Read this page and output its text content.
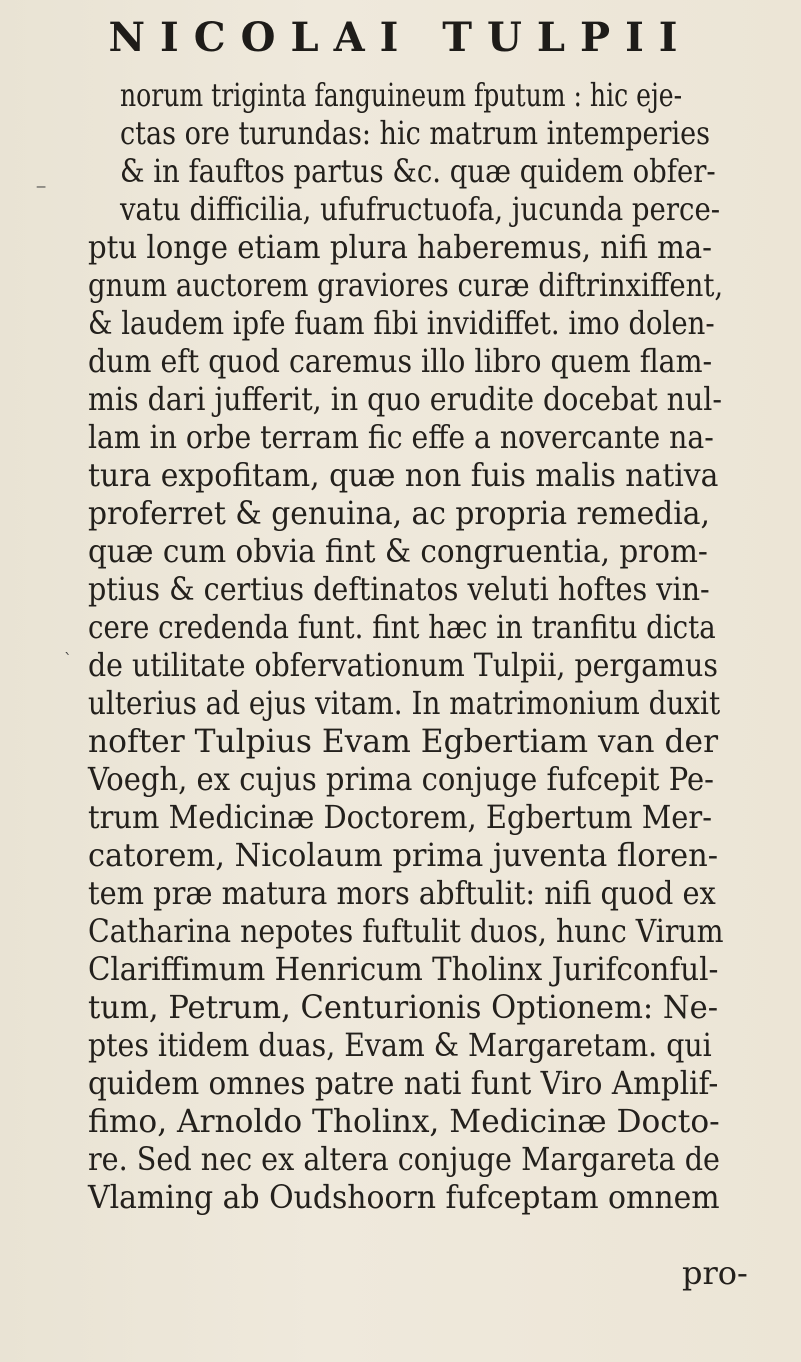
NICOLAI TULPII
norum triginta fanguineum fputum : hic eje-
ctas ore turundas: hic matrum intemperies
& in fauftos partus &c. quæ quidem obfer-
vatu difficilia, ufufructuofa, jucunda perce-
ptu longe etiam plura haberemus, nifi ma-
gnum auctorem graviores curæ diftrinxiffent,
& laudem ipfe fuam fibi invidiffet. imo dolen-
dum eft quod caremus illo libro quem flam-
mis dari jufferit, in quo erudite docebat nul-
lam in orbe terram fic effe a novercante na-
tura expofitam, quæ non fuis malis nativa
proferret & genuina, ac propria remedia,
quæ cum obvia fint & congruentia, prom-
ptius & certius deftinatos veluti hoftes vin-
cere credenda funt. fint hæc in tranfitu dicta
de utilitate obfervationum Tulpii, pergamus
ulterius ad ejus vitam. In matrimonium duxit
nofter Tulpius Evam Egbertiam van der
Voegh, ex cujus prima conjuge fufcepit Pe-
trum Medicinæ Doctorem, Egbertum Mer-
catorem, Nicolaum prima juventa floren-
tem præ matura mors abftulit: nifi quod ex
Catharina nepotes fuftulit duos, hunc Virum
Clariffimum Henricum Tholinx Jurifconful-
tum, Petrum, Centurionis Optionem: Ne-
ptes itidem duas, Evam & Margaretam. qui
quidem omnes patre nati funt Viro Amplif-
fimo, Arnoldo Tholinx, Medicinæ Docto-
re. Sed nec ex altera conjuge Margareta de
Vlaming ab Oudshoorn fufceptam omnem
pro-
‒
ˋ
